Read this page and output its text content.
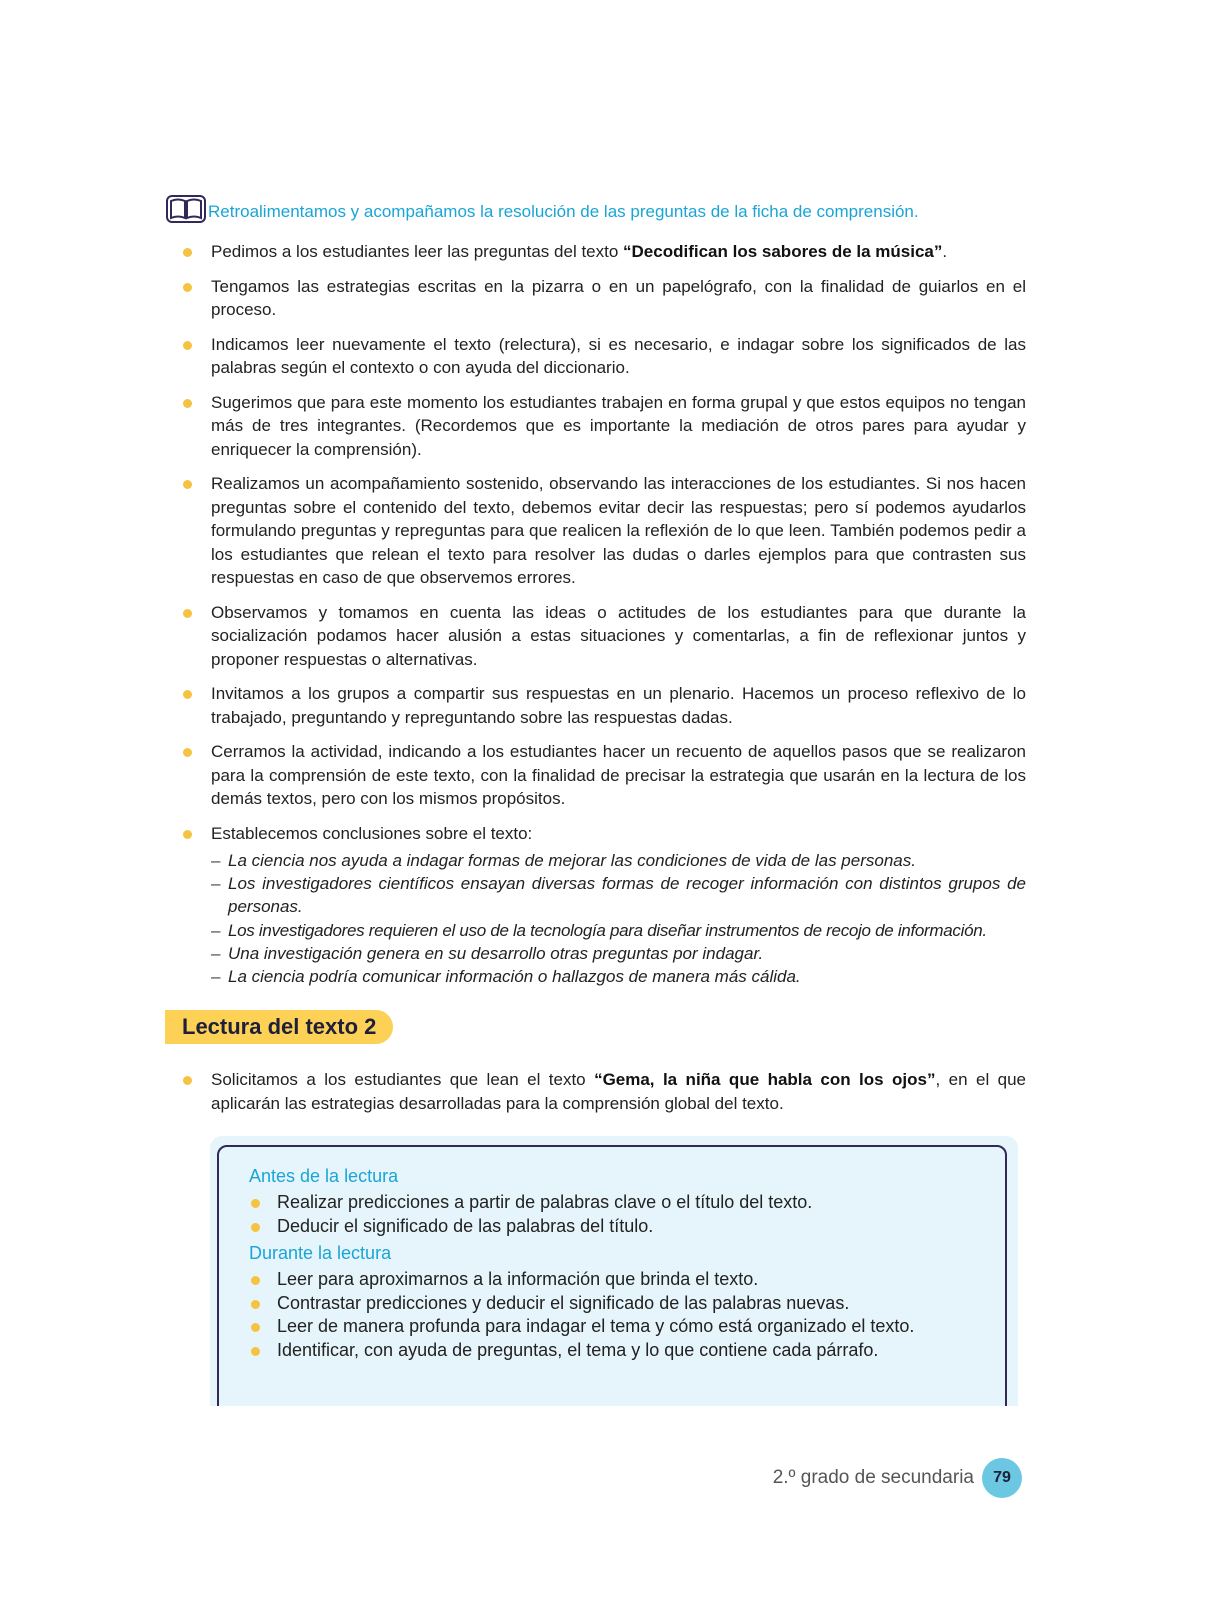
Retroalimentamos y acompañamos la resolución de las preguntas de la ficha de comprensión.
Pedimos a los estudiantes leer las preguntas del texto “Decodifican los sabores de la música”.
Tengamos las estrategias escritas en la pizarra o en un papelógrafo, con la finalidad de guiarlos en el proceso.
Indicamos leer nuevamente el texto (relectura), si es necesario, e indagar sobre los significados de las palabras según el contexto o con ayuda del diccionario.
Sugerimos que para este momento los estudiantes trabajen en forma grupal y que estos equipos no tengan más de tres integrantes. (Recordemos que es importante la mediación de otros pares para ayudar y enriquecer la comprensión).
Realizamos un acompañamiento sostenido, observando las interacciones de los estudiantes. Si nos hacen preguntas sobre el contenido del texto, debemos evitar decir las respuestas; pero sí podemos ayudarlos formulando preguntas y repreguntas para que realicen la reflexión de lo que leen. También podemos pedir a los estudiantes que relean el texto para resolver las dudas o darles ejemplos para que contrasten sus respuestas en caso de que observemos errores.
Observamos y tomamos en cuenta las ideas o actitudes de los estudiantes para que durante la socialización podamos hacer alusión a estas situaciones y comentarlas, a fin de reflexionar juntos y proponer respuestas o alternativas.
Invitamos a los grupos a compartir sus respuestas en un plenario. Hacemos un proceso reflexivo de lo trabajado, preguntando y repreguntando sobre las respuestas dadas.
Cerramos la actividad, indicando a los estudiantes hacer un recuento de aquellos pasos que se realizaron para la comprensión de este texto, con la finalidad de precisar la estrategia que usarán en la lectura de los demás textos, pero con los mismos propósitos.
Establecemos conclusiones sobre el texto:
– La ciencia nos ayuda a indagar formas de mejorar las condiciones de vida de las personas.
– Los investigadores científicos ensayan diversas formas de recoger información con distintos grupos de personas.
– Los investigadores requieren el uso de la tecnología para diseñar instrumentos de recojo de información.
– Una investigación genera en su desarrollo otras preguntas por indagar.
– La ciencia podría comunicar información o hallazgos de manera más cálida.
Lectura del texto 2
Solicitamos a los estudiantes que lean el texto “Gema, la niña que habla con los ojos”, en el que aplicarán las estrategias desarrolladas para la comprensión global del texto.

Antes de la lectura

Realizar predicciones a partir de palabras clave o el título del texto.
Deducir el significado de las palabras del título.

Durante la lectura

Leer para aproximarnos a la información que brinda el texto.
Contrastar predicciones y deducir el significado de las palabras nuevas.
Leer de manera profunda para indagar el tema y cómo está organizado el texto.
Identificar, con ayuda de preguntas, el tema y lo que contiene cada párrafo.
2.º grado de secundaria	79
